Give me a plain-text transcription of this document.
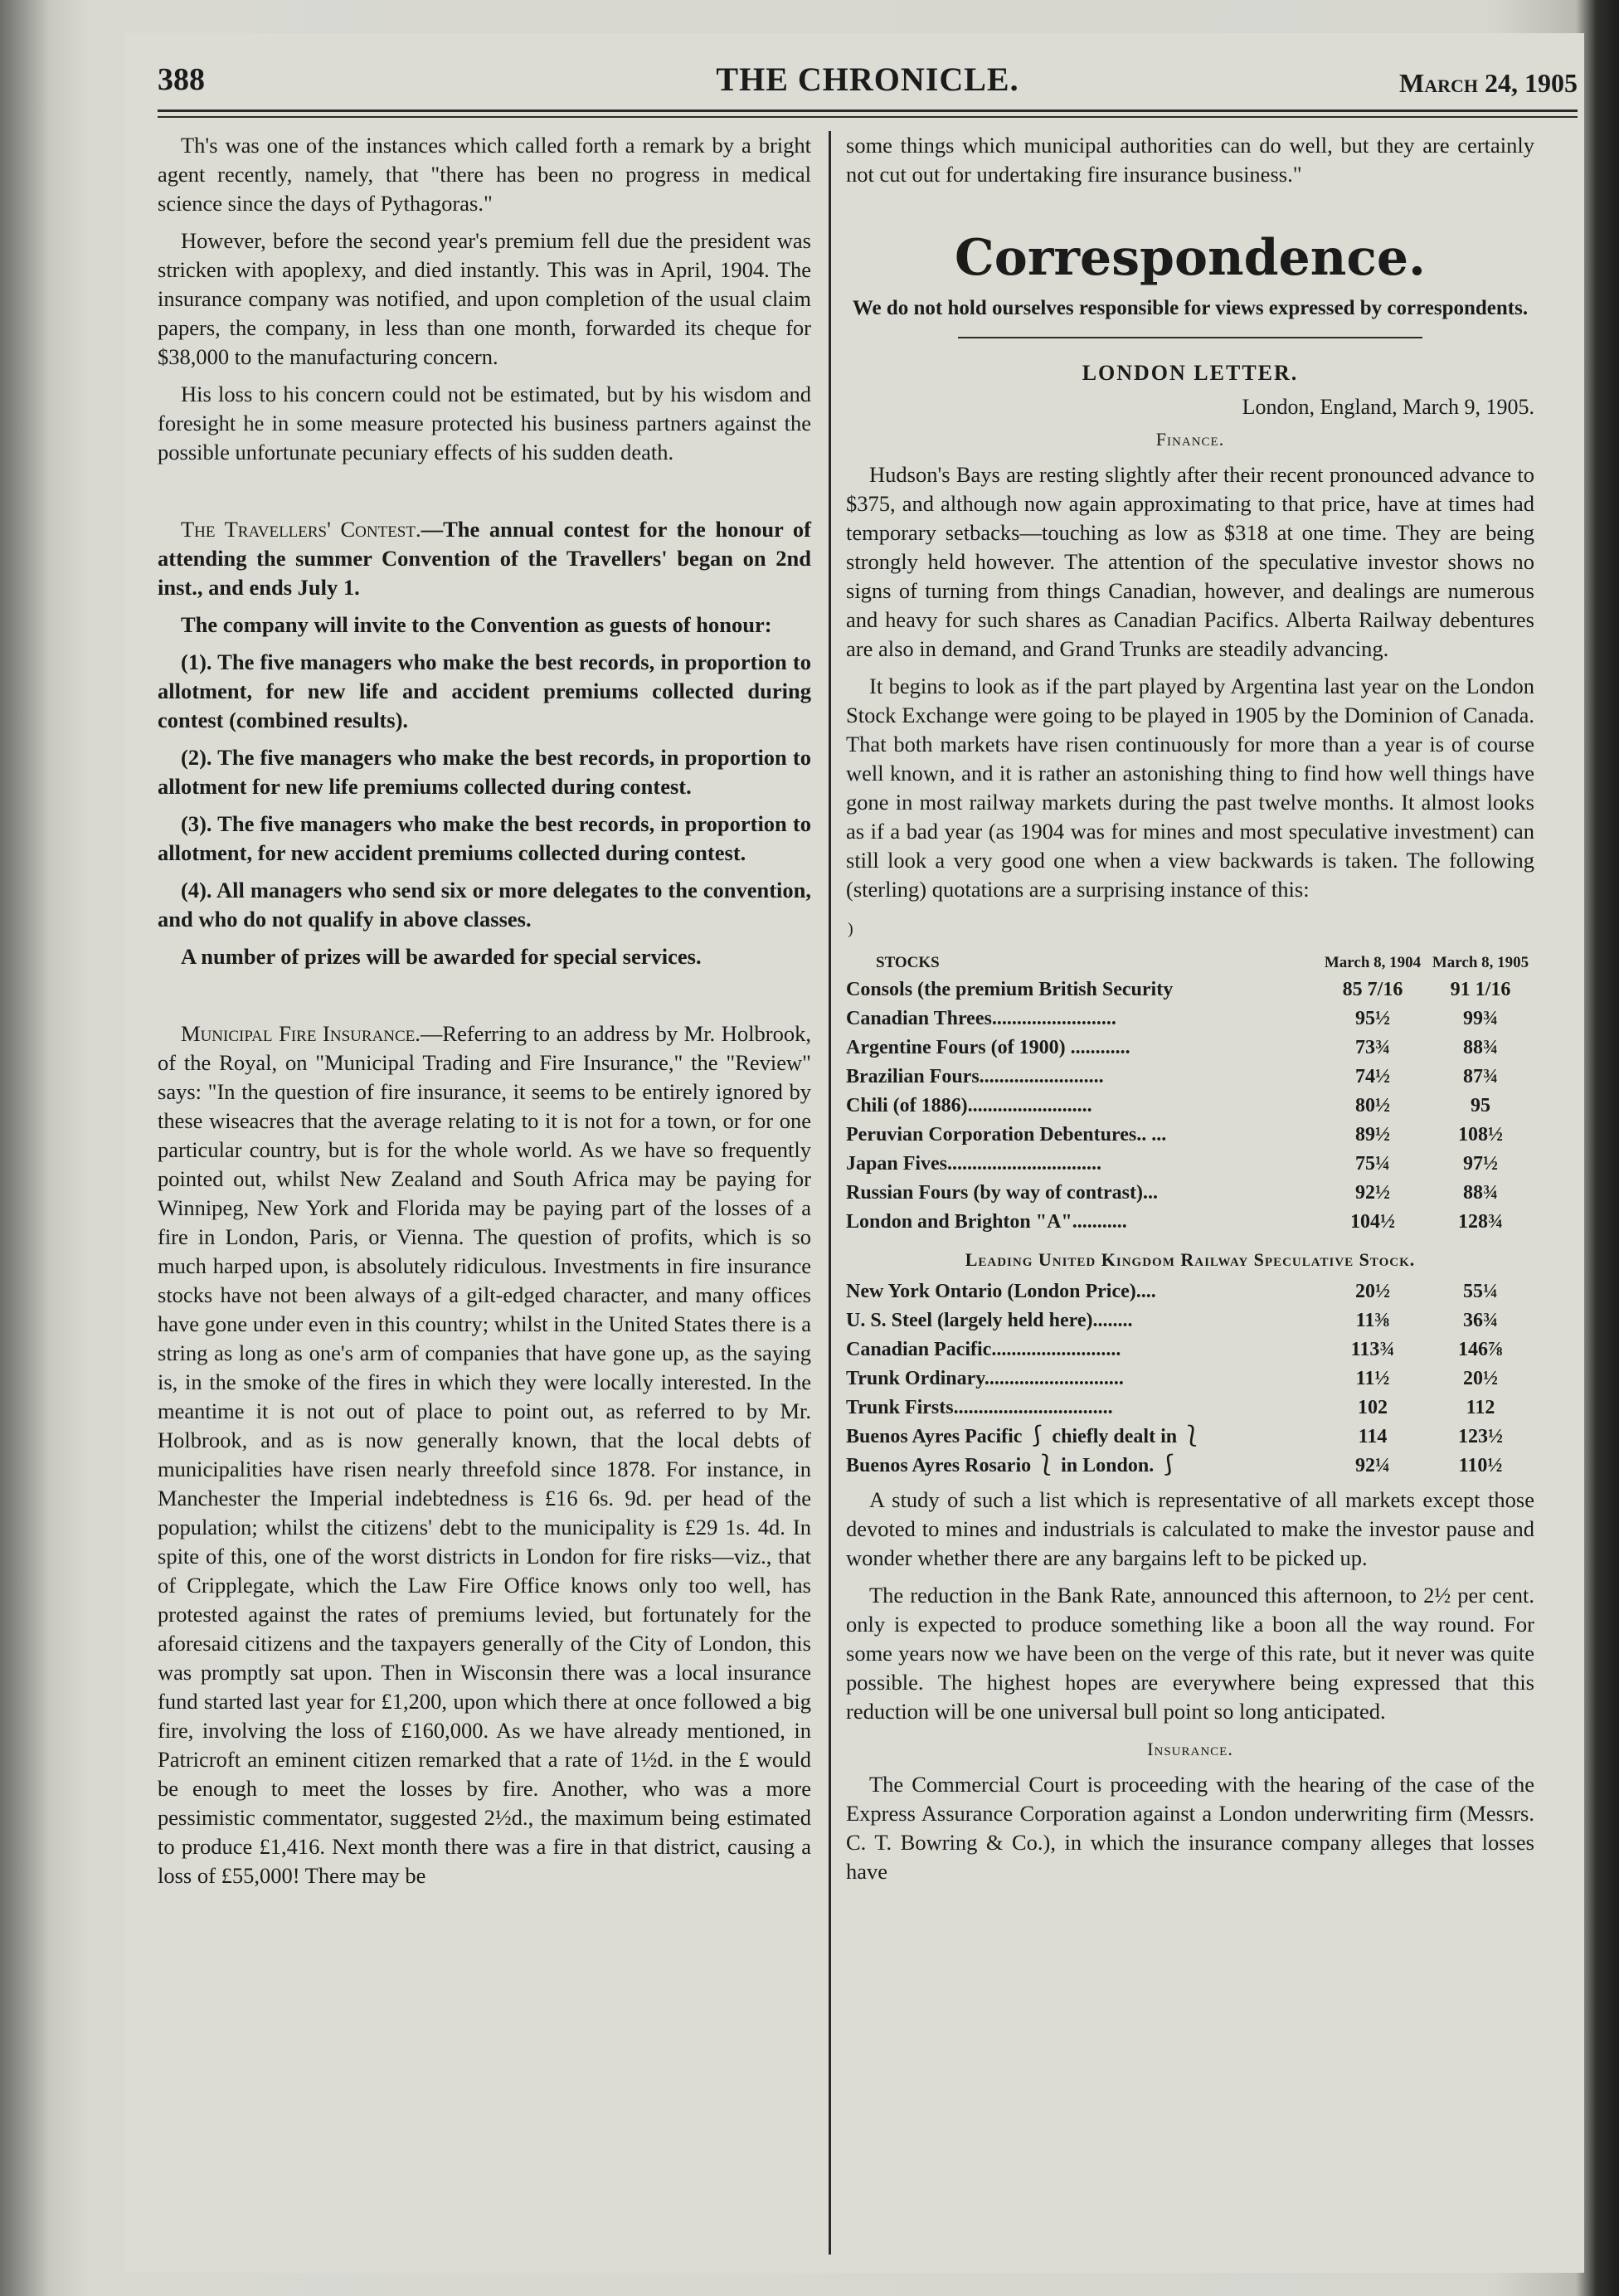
388	THE CHRONICLE.	March 24, 1905

Th's was one of the instances which called forth a remark by a bright agent recently, namely, that "there has been no progress in medical science since the days of Pythagoras."

However, before the second year's premium fell due the president was stricken with apoplexy, and died instantly. This was in April, 1904. The insurance company was notified, and upon completion of the usual claim papers, the company, in less than one month, forwarded its cheque for $38,000 to the manufacturing concern.

His loss to his concern could not be estimated, but by his wisdom and foresight he in some measure protected his business partners against the possible unfortunate pecuniary effects of his sudden death.

The Travellers' Contest.—The annual contest for the honour of attending the summer Convention of the Travellers' began on 2nd inst., and ends July 1.

The company will invite to the Convention as guests of honour:

(1). The five managers who make the best records, in proportion to allotment, for new life and accident premiums collected during contest (combined results).

(2). The five managers who make the best records, in proportion to allotment for new life premiums collected during contest.

(3). The five managers who make the best records, in proportion to allotment, for new accident premiums collected during contest.

(4). All managers who send six or more delegates to the convention, and who do not qualify in above classes.

A number of prizes will be awarded for special services.

Municipal Fire Insurance.—Referring to an address by Mr. Holbrook, of the Royal, on "Municipal Trading and Fire Insurance," the "Review" says: "In the question of fire insurance, it seems to be entirely ignored by these wiseacres that the average relating to it is not for a town, or for one particular country, but is for the whole world. As we have so frequently pointed out, whilst New Zealand and South Africa may be paying for Winnipeg, New York and Florida may be paying part of the losses of a fire in London, Paris, or Vienna. The question of profits, which is so much harped upon, is absolutely ridiculous. Investments in fire insurance stocks have not been always of a gilt-edged character, and many offices have gone under even in this country; whilst in the United States there is a string as long as one's arm of companies that have gone up, as the saying is, in the smoke of the fires in which they were locally interested. In the meantime it is not out of place to point out, as referred to by Mr. Holbrook, and as is now generally known, that the local debts of municipalities have risen nearly threefold since 1878. For instance, in Manchester the Imperial indebtedness is £16 6s. 9d. per head of the population; whilst the citizens' debt to the municipality is £29 1s. 4d. In spite of this, one of the worst districts in London for fire risks—viz., that of Cripplegate, which the Law Fire Office knows only too well, has protested against the rates of premiums levied, but fortunately for the aforesaid citizens and the taxpayers generally of the City of London, this was promptly sat upon. Then in Wisconsin there was a local insurance fund started last year for £1,200, upon which there at once followed a big fire, involving the loss of £160,000. As we have already mentioned, in Patricroft an eminent citizen remarked that a rate of 1½d. in the £ would be enough to meet the losses by fire. Another, who was a more pessimistic commentator, suggested 2½d., the maximum being estimated to produce £1,416. Next month there was a fire in that district, causing a loss of £55,000! There may be

some things which municipal authorities can do well, but they are certainly not cut out for undertaking fire insurance business."

Correspondence.
We do not hold ourselves responsible for views expressed by correspondents.
LONDON LETTER.
London, England, March 9, 1905.
Finance.

Hudson's Bays are resting slightly after their recent pronounced advance to $375, and although now again approximating to that price, have at times had temporary setbacks—touching as low as $318 at one time. They are being strongly held however. The attention of the speculative investor shows no signs of turning from things Canadian, however, and dealings are numerous and heavy for such shares as Canadian Pacifics. Alberta Railway debentures are also in demand, and Grand Trunks are steadily advancing.

It begins to look as if the part played by Argentina last year on the London Stock Exchange were going to be played in 1905 by the Dominion of Canada. That both markets have risen continuously for more than a year is of course well known, and it is rather an astonishing thing to find how well things have gone in most railway markets during the past twelve months. It almost looks as if a bad year (as 1904 was for mines and most speculative investment) can still look a very good one when a view backwards is taken. The following (sterling) quotations are a surprising instance of this:

)
STOCKS	March 8, 1904	March 8, 1905
Consols (the premium British Security	85 7/16	91 1/16
Canadian Threes.........................	95½	99¾
Argentine Fours (of 1900) ............	73¾	88¾
Brazilian Fours.........................	74½	87¾
Chili (of 1886).........................	80½	95
Peruvian Corporation Debentures.. ...	89½	108½
Japan Fives...............................	75¼	97½
Russian Fours (by way of contrast)...	92½	88¾
London and Brighton "A"...........	104½	128¾
Leading United Kingdom Railway Speculative Stock.
New York Ontario (London Price)....	20½	55¼
U. S. Steel (largely held here)........	11⅜	36¾
Canadian Pacific..........................	113¾	146⅞
Trunk Ordinary............................	11½	20½
Trunk Firsts................................	102	112
Buenos Ayres Pacific ⎰ chiefly dealt in ⎱	114	123½
Buenos Ayres Rosario ⎱ in London. ⎰	92¼	110½

A study of such a list which is representative of all markets except those devoted to mines and industrials is calculated to make the investor pause and wonder whether there are any bargains left to be picked up.

The reduction in the Bank Rate, announced this afternoon, to 2½ per cent. only is expected to produce something like a boon all the way round. For some years now we have been on the verge of this rate, but it never was quite possible. The highest hopes are everywhere being expressed that this reduction will be one universal bull point so long anticipated.

Insurance.

The Commercial Court is proceeding with the hearing of the case of the Express Assurance Corporation against a London underwriting firm (Messrs. C. T. Bowring & Co.), in which the insurance company alleges that losses have
